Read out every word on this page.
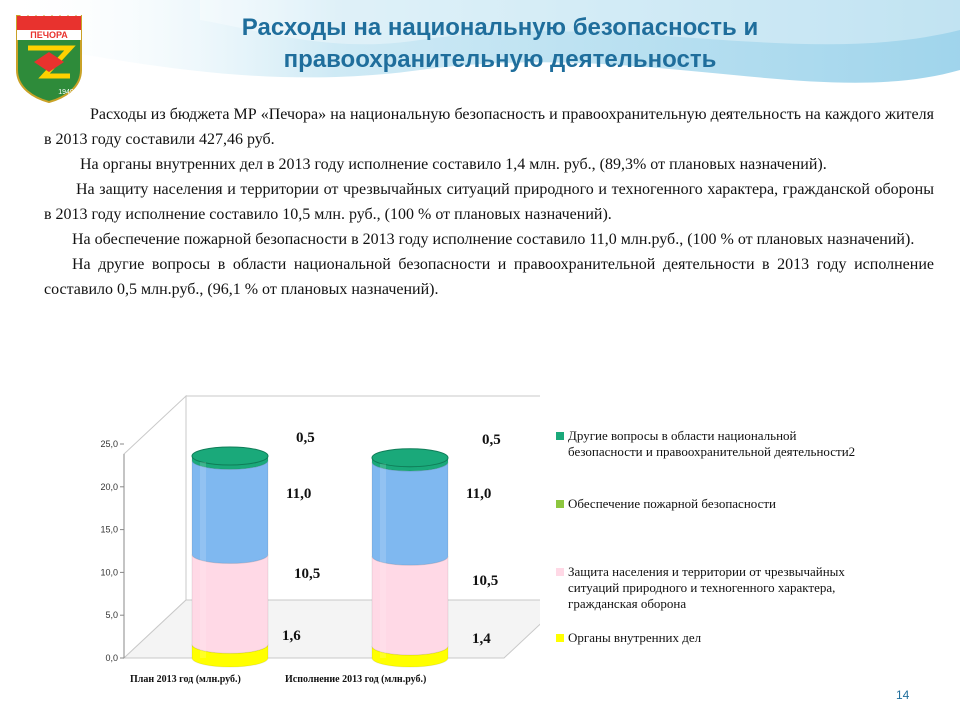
ПЕЧОРА
1949
Расходы на национальную безопасность и правоохранительную деятельность

Расходы из бюджета МР «Печора» на национальную безопасность и правоохранительную деятельность на каждого жителя в 2013 году составили 427,46 руб.

На органы внутренних дел в 2013 году исполнение составило 1,4 млн. руб., (89,3% от плановых назначений).

На защиту населения и территории от чрезвычайных ситуаций природного и техногенного характера, гражданской обороны в 2013 году исполнение составило 10,5 млн. руб., (100 % от плановых назначений).

На обеспечение пожарной безопасности в 2013 году исполнение составило 11,0 млн.руб., (100 % от плановых назначений).

На другие вопросы в области национальной безопасности и правоохранительной деятельности в 2013 году исполнение составило 0,5 млн.руб., (96,1 % от плановых назначений).

0,0
5,0
10,0
15,0
20,0
25,0
1,6	1,4
10,5	10,5
11,0	11,0
0,5	0,5
План 2013 год (млн.руб.)	Исполнение 2013 год (млн.руб.)
Другие вопросы в области национальной безопасности и правоохранительной деятельности2
Обеспечение пожарной безопасности
Защита населения и территории от чрезвычайных ситуаций природного и техногенного характера, гражданская оборона
Органы внутренних дел
14
